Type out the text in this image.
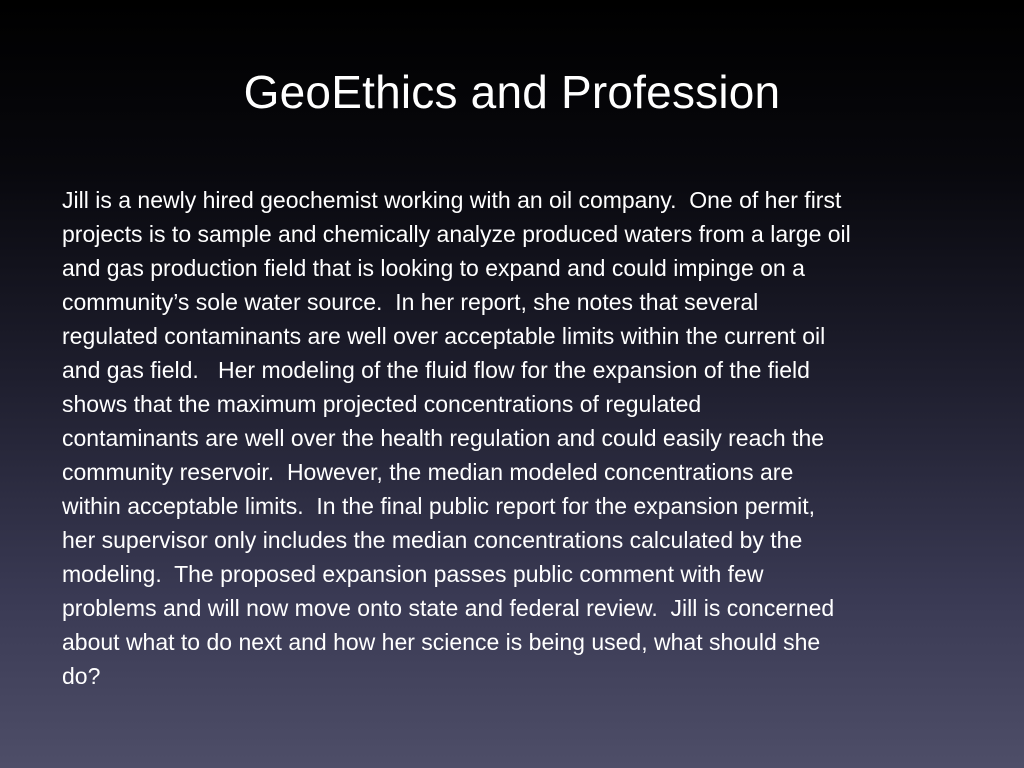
GeoEthics and Profession

Jill is a newly hired geochemist working with an oil company.  One of her first
projects is to sample and chemically analyze produced waters from a large oil
and gas production field that is looking to expand and could impinge on a
community’s sole water source.  In her report, she notes that several
regulated contaminants are well over acceptable limits within the current oil
and gas field.   Her modeling of the fluid flow for the expansion of the field
shows that the maximum projected concentrations of regulated
contaminants are well over the health regulation and could easily reach the
community reservoir.  However, the median modeled concentrations are
within acceptable limits.  In the final public report for the expansion permit,
her supervisor only includes the median concentrations calculated by the
modeling.  The proposed expansion passes public comment with few
problems and will now move onto state and federal review.  Jill is concerned
about what to do next and how her science is being used, what should she
do?
